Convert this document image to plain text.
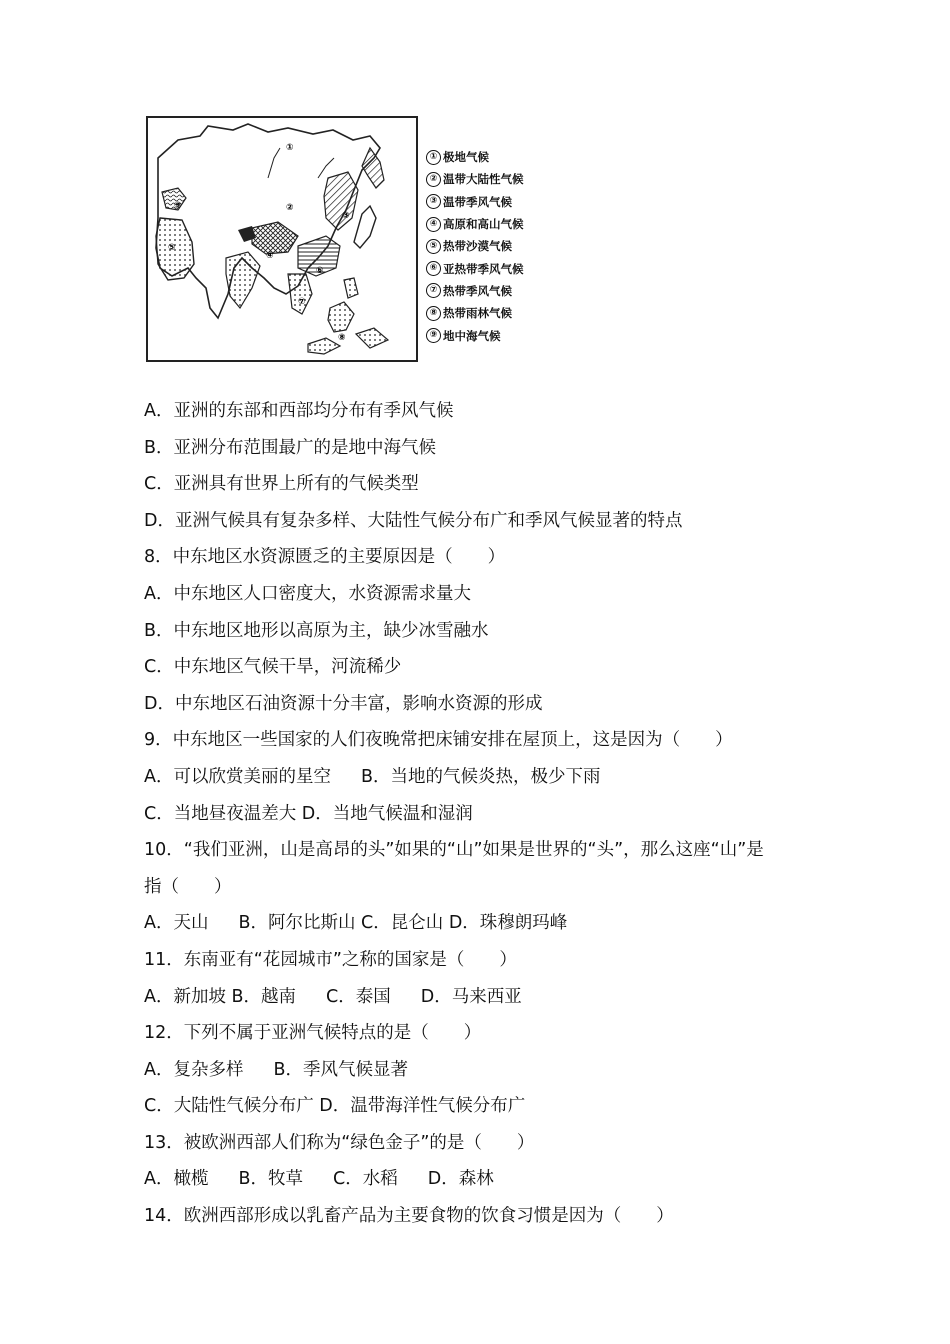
①
②
③
④
⑤
⑥
⑦
⑧
⑨
① 极地气候
② 温带大陆性气候
③ 温带季风气候
④ 高原和高山气候
⑤ 热带沙漠气候
⑥ 亚热带季风气候
⑦ 热带季风气候
⑧ 热带雨林气候
⑨ 地中海气候
A．亚洲的东部和西部均分布有季风气候
B．亚洲分布范围最广的是地中海气候
C．亚洲具有世界上所有的气候类型
D．亚洲气候具有复杂多样、大陆性气候分布广和季风气候显著的特点
8．中东地区水资源匮乏的主要原因是（　　）
A．中东地区人口密度大，水资源需求量大
B．中东地区地形以高原为主，缺少冰雪融水
C．中东地区气候干旱，河流稀少
D．中东地区石油资源十分丰富，影响水资源的形成
9．中东地区一些国家的人们夜晚常把床铺安排在屋顶上，这是因为（　　）
A．可以欣赏美丽的星空 B．当地的气候炎热，极少下雨
C．当地昼夜温差大 D．当地气候温和湿润
10．“我们亚洲，山是高昂的头”如果的“山”如果是世界的“头”，那么这座“山”是
指（　　）
A．天山 B．阿尔比斯山 C．昆仑山 D．珠穆朗玛峰
11．东南亚有“花园城市”之称的国家是（　　）
A．新加坡 B．越南 C．泰国 D．马来西亚
12．下列不属于亚洲气候特点的是（　　）
A．复杂多样 B．季风气候显著
C．大陆性气候分布广 D．温带海洋性气候分布广
13．被欧洲西部人们称为“绿色金子”的是（　　）
A．橄榄 B．牧草 C．水稻 D．森林
14．欧洲西部形成以乳畜产品为主要食物的饮食习惯是因为（　　）
